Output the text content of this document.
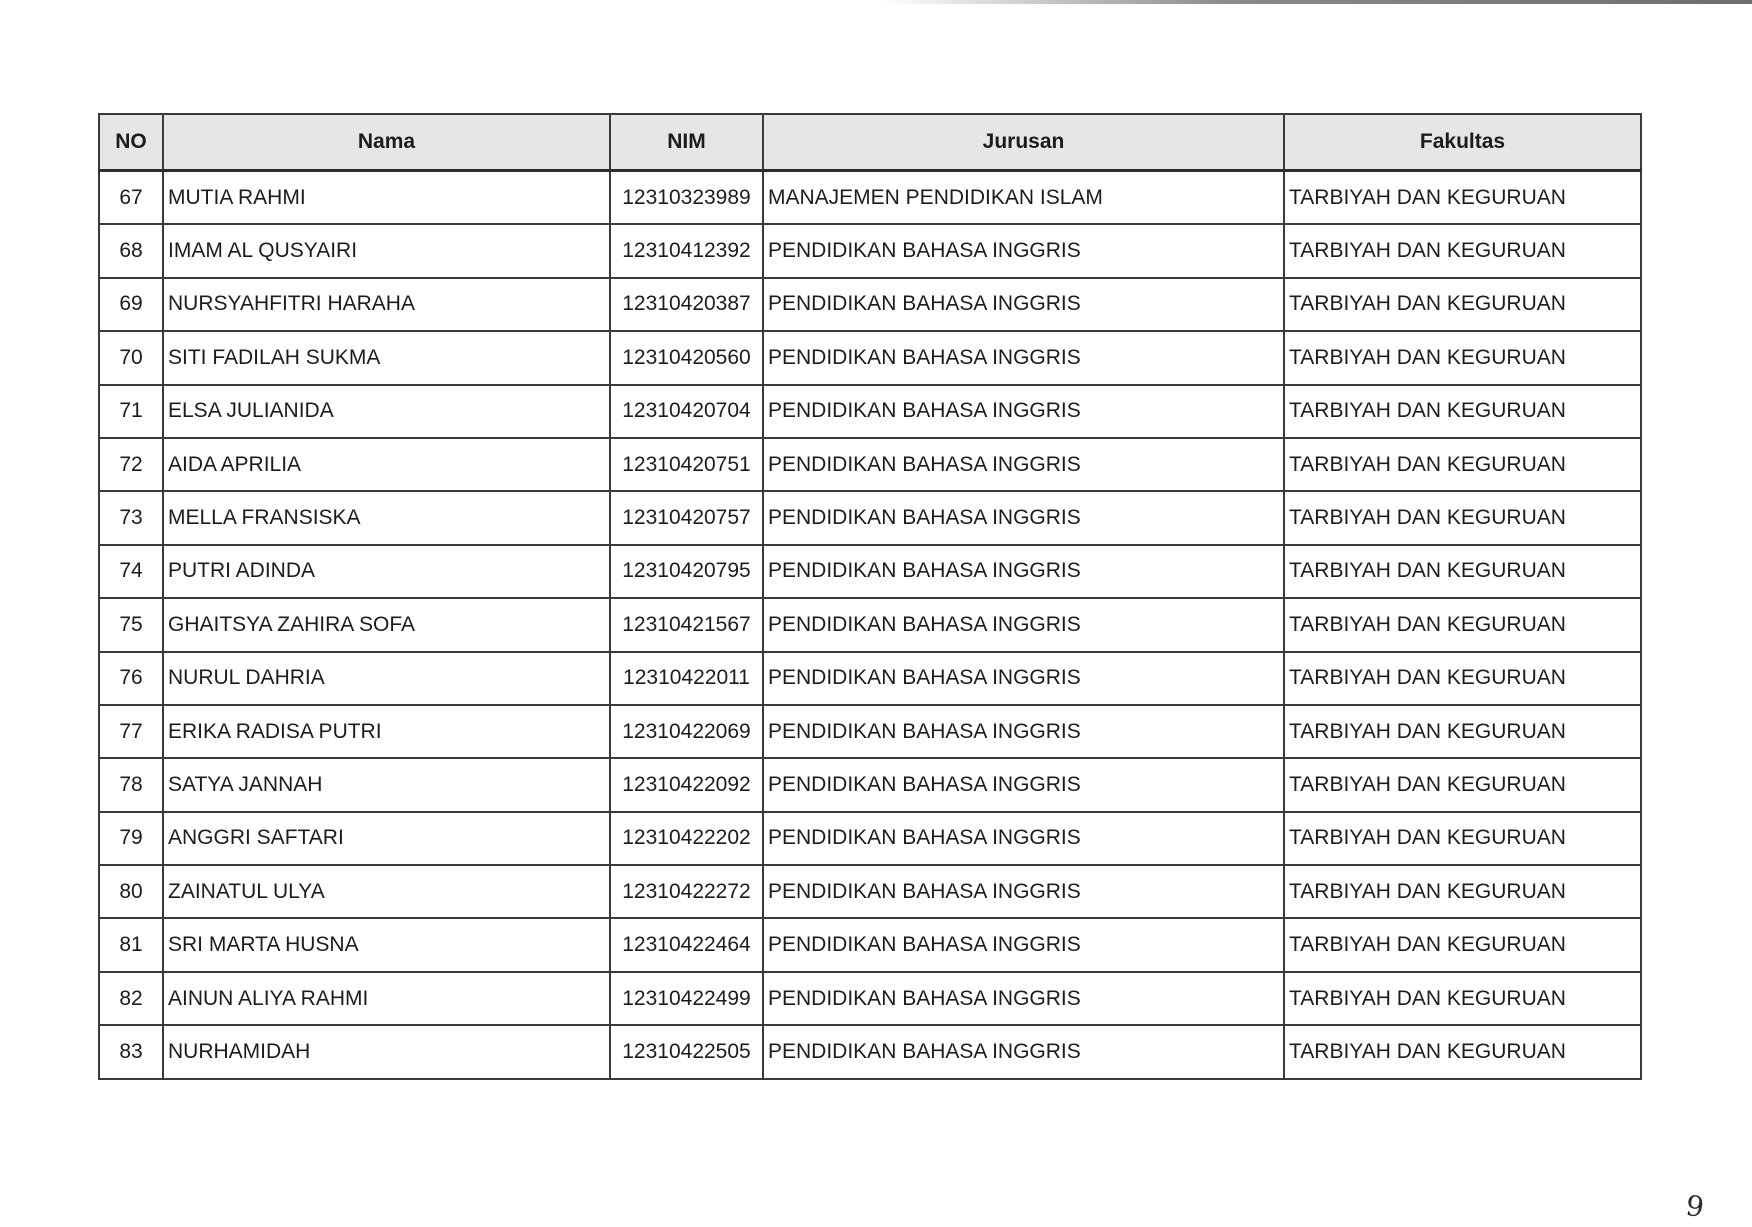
NO	Nama	NIM	Jurusan	Fakultas
67	MUTIA RAHMI	12310323989	MANAJEMEN PENDIDIKAN ISLAM	TARBIYAH DAN KEGURUAN
68	IMAM AL QUSYAIRI	12310412392	PENDIDIKAN BAHASA INGGRIS	TARBIYAH DAN KEGURUAN
69	NURSYAHFITRI HARAHA	12310420387	PENDIDIKAN BAHASA INGGRIS	TARBIYAH DAN KEGURUAN
70	SITI FADILAH SUKMA	12310420560	PENDIDIKAN BAHASA INGGRIS	TARBIYAH DAN KEGURUAN
71	ELSA JULIANIDA	12310420704	PENDIDIKAN BAHASA INGGRIS	TARBIYAH DAN KEGURUAN
72	AIDA APRILIA	12310420751	PENDIDIKAN BAHASA INGGRIS	TARBIYAH DAN KEGURUAN
73	MELLA FRANSISKA	12310420757	PENDIDIKAN BAHASA INGGRIS	TARBIYAH DAN KEGURUAN
74	PUTRI ADINDA	12310420795	PENDIDIKAN BAHASA INGGRIS	TARBIYAH DAN KEGURUAN
75	GHAITSYA ZAHIRA SOFA	12310421567	PENDIDIKAN BAHASA INGGRIS	TARBIYAH DAN KEGURUAN
76	NURUL DAHRIA	12310422011	PENDIDIKAN BAHASA INGGRIS	TARBIYAH DAN KEGURUAN
77	ERIKA RADISA PUTRI	12310422069	PENDIDIKAN BAHASA INGGRIS	TARBIYAH DAN KEGURUAN
78	SATYA JANNAH	12310422092	PENDIDIKAN BAHASA INGGRIS	TARBIYAH DAN KEGURUAN
79	ANGGRI SAFTARI	12310422202	PENDIDIKAN BAHASA INGGRIS	TARBIYAH DAN KEGURUAN
80	ZAINATUL ULYA	12310422272	PENDIDIKAN BAHASA INGGRIS	TARBIYAH DAN KEGURUAN
81	SRI MARTA HUSNA	12310422464	PENDIDIKAN BAHASA INGGRIS	TARBIYAH DAN KEGURUAN
82	AINUN ALIYA RAHMI	12310422499	PENDIDIKAN BAHASA INGGRIS	TARBIYAH DAN KEGURUAN
83	NURHAMIDAH	12310422505	PENDIDIKAN BAHASA INGGRIS	TARBIYAH DAN KEGURUAN
9
